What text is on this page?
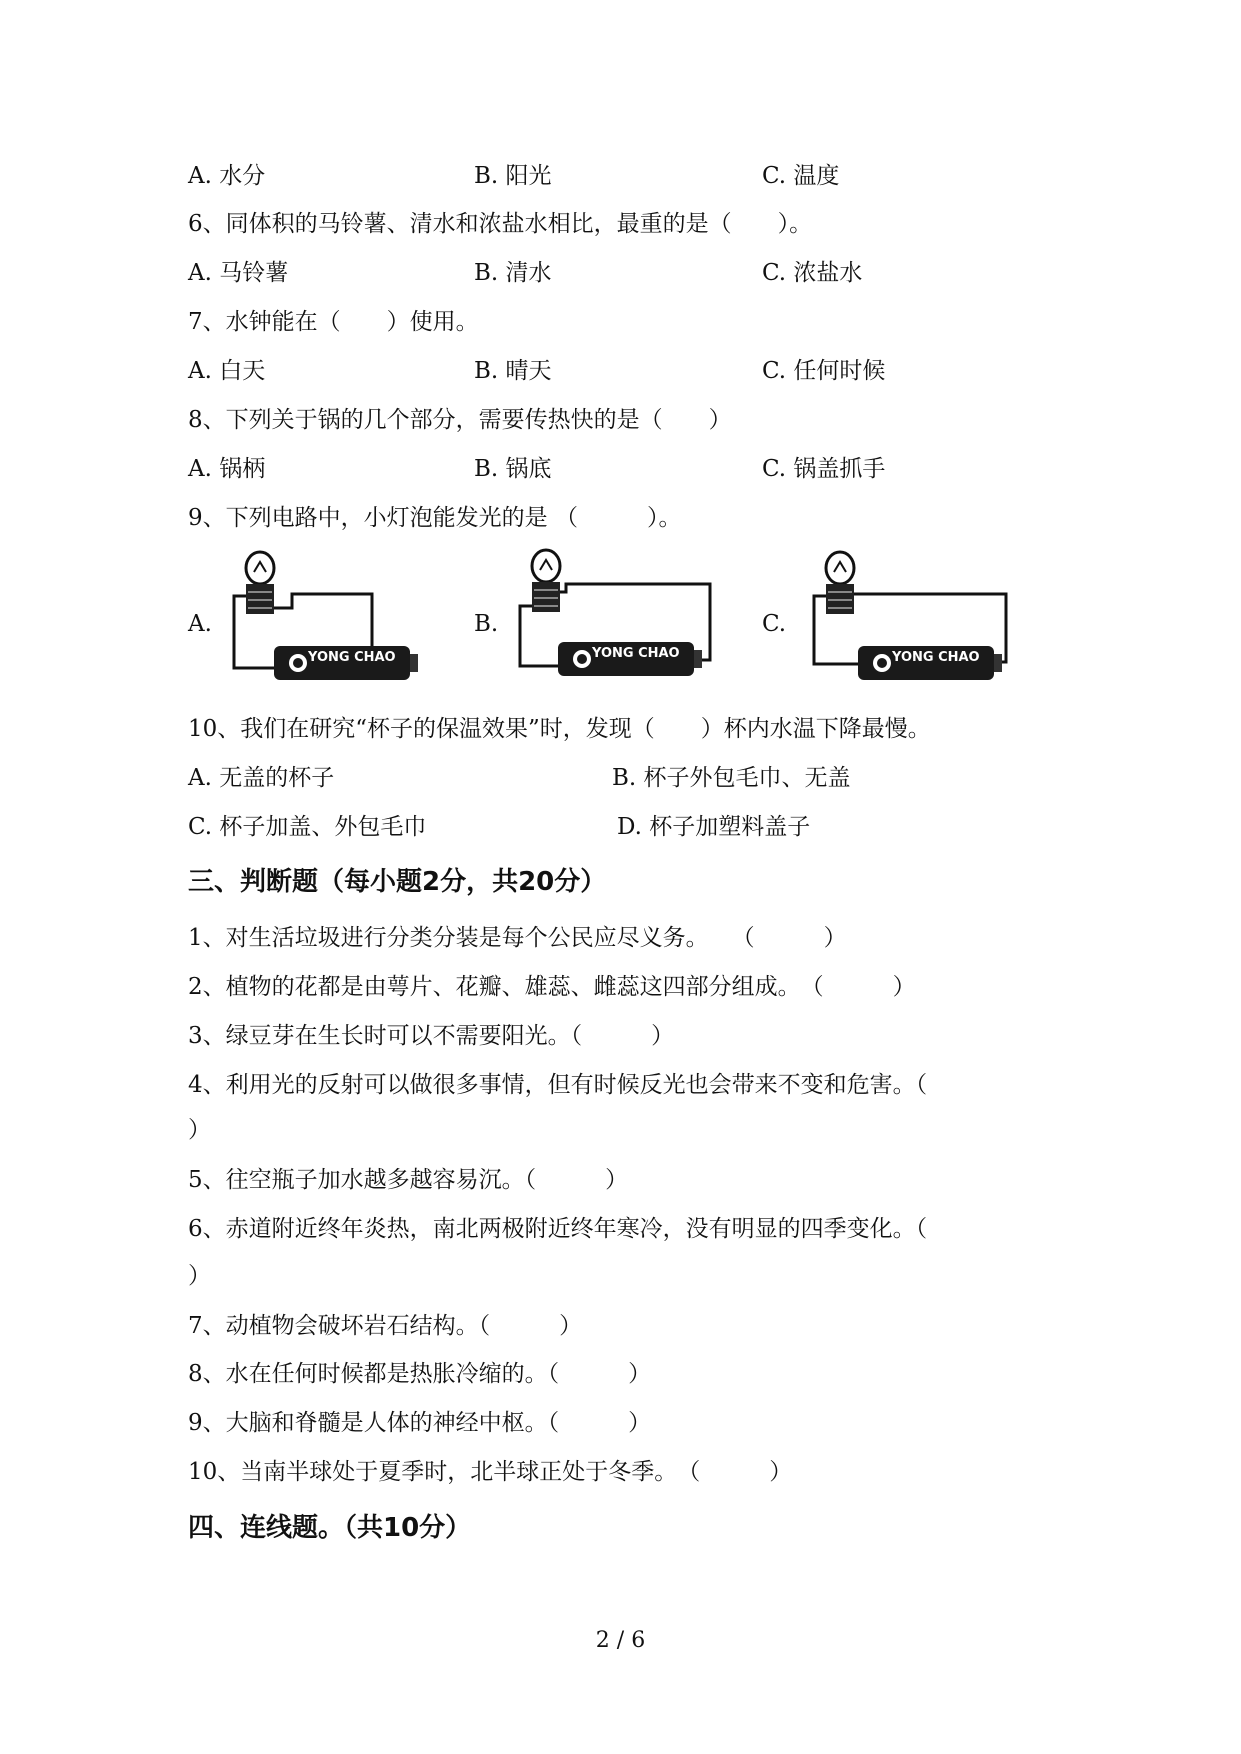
A. 水分	B. 阳光	C. 温度
6、同体积的马铃薯、清水和浓盐水相比，最重的是（　　）。
A. 马铃薯	B. 清水	C. 浓盐水
7、水钟能在（　　）使用。
A. 白天	B. 晴天	C. 任何时候
8、下列关于锅的几个部分，需要传热快的是（　　）
A. 锅柄	B. 锅底	C. 锅盖抓手
9、下列电路中，小灯泡能发光的是 （　　　）。
A.
YONG CHAO
B.
YONG CHAO
C.
YONG CHAO
10、我们在研究“杯子的保温效果”时，发现（　　）杯内水温下降最慢。
A. 无盖的杯子	B. 杯子外包毛巾、无盖
C. 杯子加盖、外包毛巾	D. 杯子加塑料盖子
三、判断题（每小题2分，共20分）
1、对生活垃圾进行分类分装是每个公民应尽义务。　　（　　　）
2、植物的花都是由萼片、花瓣、雄蕊、雌蕊这四部分组成。　（　　　）
3、绿豆芽在生长时可以不需要阳光。（　　　）
4、利用光的反射可以做很多事情，但有时候反光也会带来不变和危害。（
）
5、往空瓶子加水越多越容易沉。（　　　）
6、赤道附近终年炎热，南北两极附近终年寒冷，没有明显的四季变化。（
）
7、动植物会破坏岩石结构。（　　　）
8、水在任何时候都是热胀冷缩的。（　　　）
9、大脑和脊髓是人体的神经中枢。（　　　）
10、当南半球处于夏季时，北半球正处于冬季。　（　　　）
四、连线题。（共10分）
2 / 6
